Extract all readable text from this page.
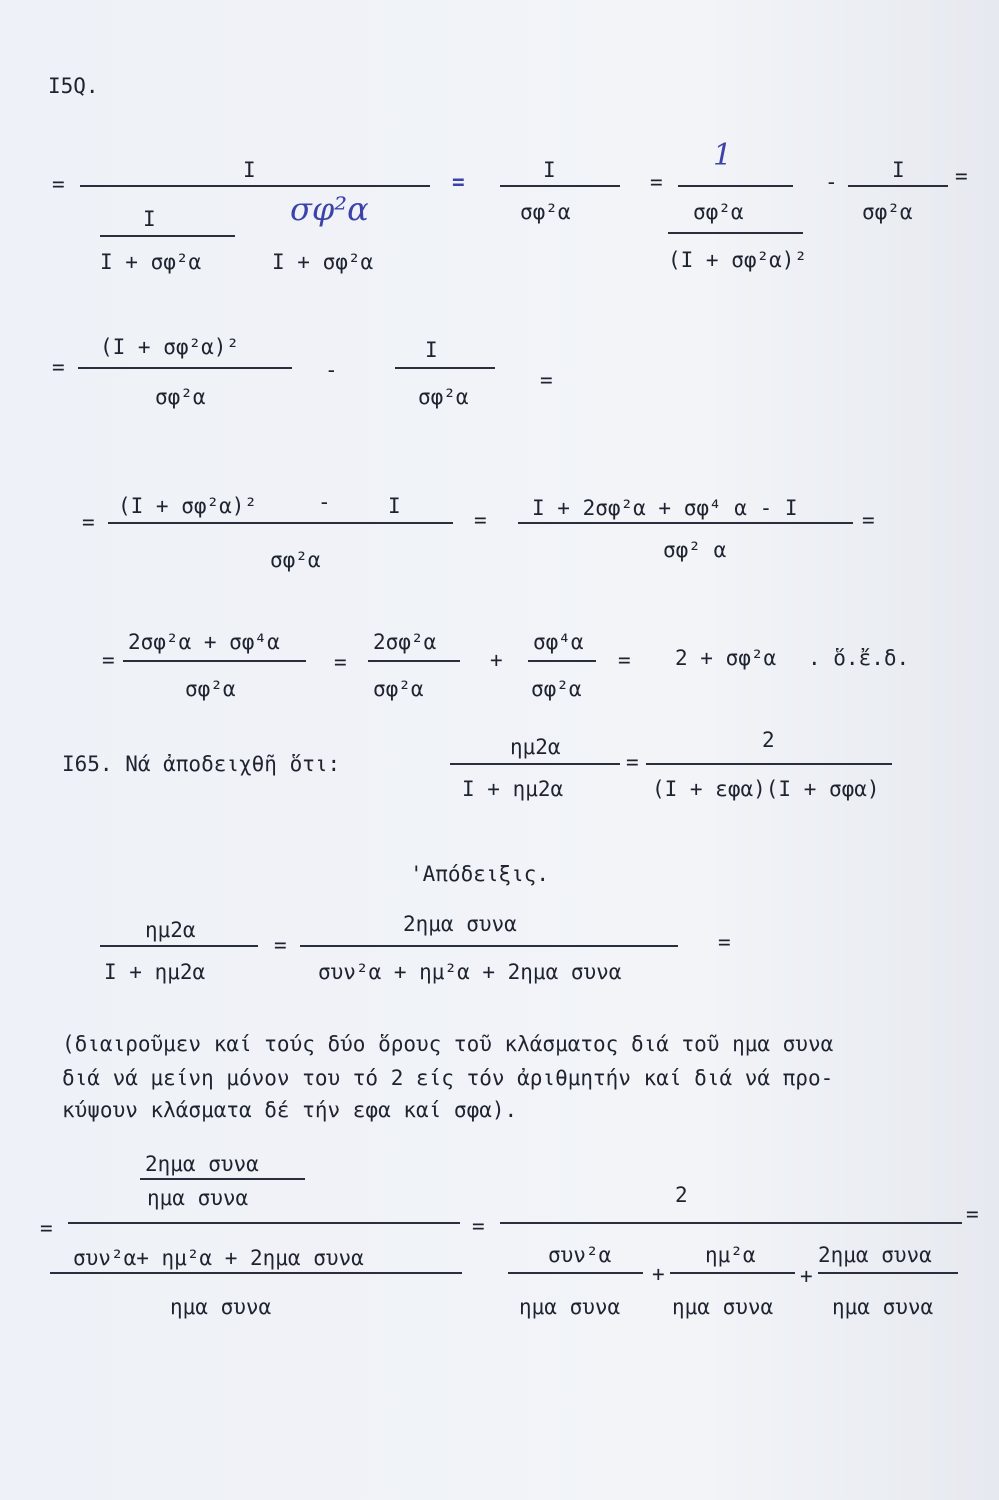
I5Q.
=
I
I
I + σφ²α	I + σφ²α
σφ²α
=	I
σφ²α
=
1
σφ²α
(I + σφ²α)²
-	I
σφ²α
=
=
(I + σφ²α)²
σφ²α
-
I
σφ²α
=
=
(I + σφ²α)²	-	I
σφ²α
= I + 2σφ²α + σφ⁴ α - I
σφ² α
=
=
2σφ²α + σφ⁴α
σφ²α
=
2σφ²α
σφ²α
+
σφ⁴α
σφ²α
= 2 + σφ²α . ὅ.ἔ.δ.
I65. Νά ἀποδειχθῆ ὅτι:
ημ2α
I + ημ2α
=
2
(I + εφα)(I + σφα)
'Απόδειξις.
ημ2α
I + ημ2α
=
2ημα συνα
συν²α + ημ²α + 2ημα συνα
=
(διαιροῦμεν καί τούς δύο ὅρους τοῦ κλάσματος διά τοῦ ημα συνα
διά νά μείνη μόνον του τό 2 είς τόν ἀριθμητήν καί διά νά προ-
κύψουν κλάσματα δέ τήν εφα καί σφα).
=
2ημα συνα
ημα συνα
συν²α+ ημ²α + 2ημα συνα
ημα συνα
=
2
συν²α
ημα συνα
+
ημ²α
ημα συνα
+
2ημα συνα
ημα συνα
=
